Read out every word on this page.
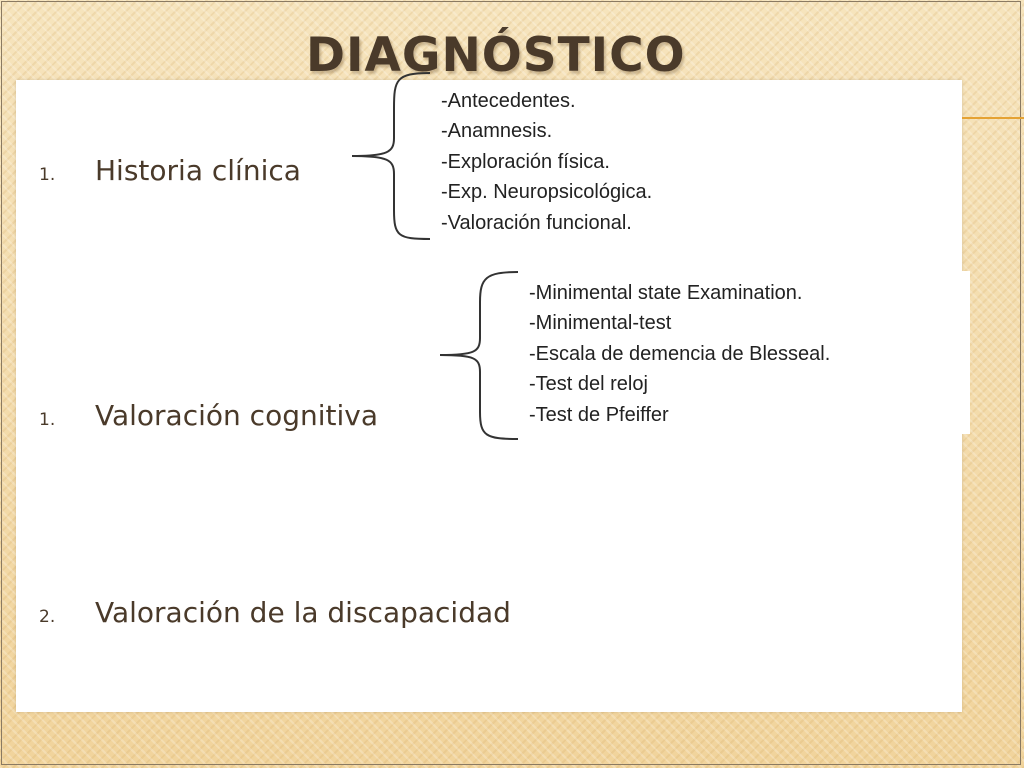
DIAGNÓSTICO
1.	Historia clínica
1.	Valoración cognitiva
2.	Valoración de la discapacidad
-Antecedentes.
-Anamnesis.
-Exploración física.
-Exp. Neuropsicológica.
-Valoración funcional.
-Minimental state Examination.
-Minimental-test
-Escala de demencia de Blesseal.
-Test del reloj
-Test de Pfeiffer
